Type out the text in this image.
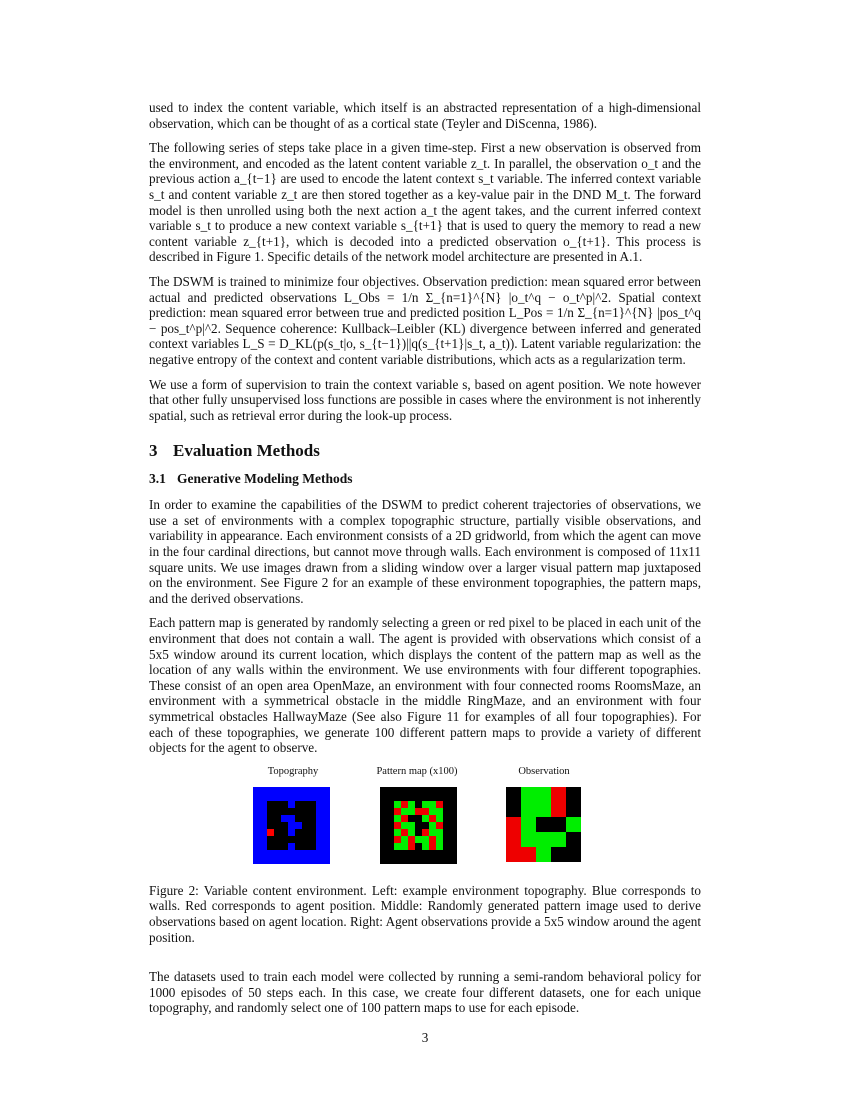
used to index the content variable, which itself is an abstracted representation of a high-dimensional observation, which can be thought of as a cortical state (Teyler and DiScenna, 1986).

The following series of steps take place in a given time-step. First a new observation is observed from the environment, and encoded as the latent content variable z_t. In parallel, the observation o_t and the previous action a_{t−1} are used to encode the latent context s_t variable. The inferred context variable s_t and content variable z_t are then stored together as a key-value pair in the DND M_t. The forward model is then unrolled using both the next action a_t the agent takes, and the current inferred context variable s_t to produce a new context variable s_{t+1} that is used to query the memory to read a new content variable z_{t+1}, which is decoded into a predicted observation o_{t+1}. This process is described in Figure 1. Specific details of the network model architecture are presented in A.1.

The DSWM is trained to minimize four objectives. Observation prediction: mean squared error between actual and predicted observations L_Obs = 1/n Σ_{n=1}^{N} |o_t^q − o_t^p|^2. Spatial context prediction: mean squared error between true and predicted position L_Pos = 1/n Σ_{n=1}^{N} |pos_t^q − pos_t^p|^2. Sequence coherence: Kullback–Leibler (KL) divergence between inferred and generated context variables L_S = D_KL(p(s_t|o, s_{t−1})||q(s_{t+1}|s_t, a_t)). Latent variable regularization: the negative entropy of the context and content variable distributions, which acts as a regularization term.

We use a form of supervision to train the context variable s, based on agent position. We note however that other fully unsupervised loss functions are possible in cases where the environment is not inherently spatial, such as retrieval error during the look-up process.

3 Evaluation Methods
3.1 Generative Modeling Methods

In order to examine the capabilities of the DSWM to predict coherent trajectories of observations, we use a set of environments with a complex topographic structure, partially visible observations, and variability in appearance. Each environment consists of a 2D gridworld, from which the agent can move in the four cardinal directions, but cannot move through walls. Each environment is composed of 11x11 square units. We use images drawn from a sliding window over a larger visual pattern map juxtaposed on the environment. See Figure 2 for an example of these environment topographies, the pattern maps, and the derived observations.

Each pattern map is generated by randomly selecting a green or red pixel to be placed in each unit of the environment that does not contain a wall. The agent is provided with observations which consist of a 5x5 window around its current location, which displays the content of the pattern map as well as the location of any walls within the environment. We use environments with four different topographies. These consist of an open area OpenMaze, an environment with four connected rooms RoomsMaze, an environment with a symmetrical obstacle in the middle RingMaze, and an environment with four symmetrical obstacles HallwayMaze (See also Figure 11 for examples of all four topographies). For each of these topographies, we generate 100 different pattern maps to provide a variety of different objects for the agent to observe.

Topography	Pattern map (x100)	Observation

Figure 2: Variable content environment. Left: example environment topography. Blue corresponds to walls. Red corresponds to agent position. Middle: Randomly generated pattern image used to derive observations based on agent location. Right: Agent observations provide a 5x5 window around the agent position.

The datasets used to train each model were collected by running a semi-random behavioral policy for 1000 episodes of 50 steps each. In this case, we create four different datasets, one for each unique topography, and randomly select one of 100 pattern maps to use for each episode.

3
